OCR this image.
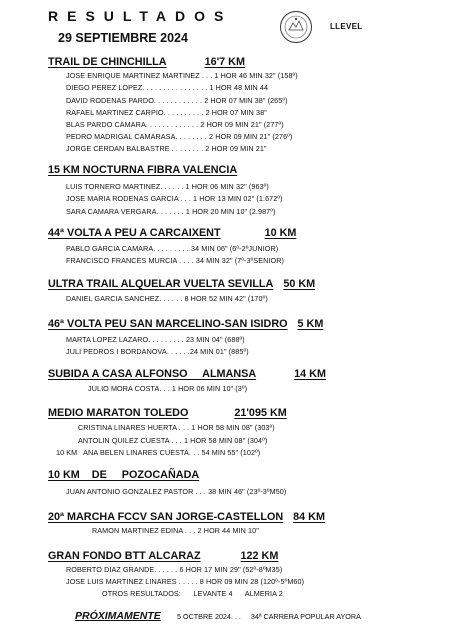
RESULTADOS
29 SEPTIEMBRE 2024
LLEVEL
TRAIL DE CHINCHILLA	16'7 KM
JOSE ENRIQUE MARTINEZ MARTINEZ . . . 1 HOR 46 MIN 32" (158º)
DIEGO PEREZ LOPEZ. . . . . . . . . . . . . . . . 1 HOR 48 MIN 44
DAVID RODENAS PARDO. . . . . . . . . . . . 2 HOR 07 MIN 38" (265º)
RAFAEL MARTINEZ CARPIO. . . . . . . . . . 2 HOR 07 MIN 38"
BLAS PARDO CAMARA. . . . . . . . . . . . . 2 HOR 09 MIN 21" (277º)
PEDRO MADRIGAL CAMARASA. . . . . . . . 2 HOR 09 MIN 21" (276º)
JORGE CERDAN BALBASTRE . . . . . . . . 2 HOR 09 MIN 21"
15 KM NOCTURNA FIBRA VALENCIA
LUIS TORNERO MARTINEZ. . . . . . 1 HOR 06 MIN 32" (963º)
JOSE MARIA RODENAS GARCIA . . . 1 HOR 13 MIN 02" (1.672º)
SARA CAMARA VERGARA. . . . . . . 1 HOR 20 MIN 10" (2.987º)
44ª VOLTA A PEU A CARCAIXENT	10 KM
PABLO GARCIA CAMARA. . . . . . . . . 34 MIN 06" (6º-2ºJUNIOR)
FRANCISCO FRANCES MURCIA . . . . 34 MIN 32" (7º-3ºSENIOR)
ULTRA TRAIL ALQUELAR VUELTA SEVILLA 50 KM
DANIEL GARCIA SANCHEZ. . . . . . 8 HOR 52 MIN 42" (170º)
46ª VOLTA PEU SAN MARCELINO-SAN ISIDRO 5 KM
MARTA LOPEZ LAZARO. . . . . . . . . 23 MIN 04" (688º)
JULI PEDROS I BORDANOVA. . . . . .24 MIN 01" (885º)
SUBIDA A CASA ALFONSO     ALMANSA	14 KM
JULIO MORA COSTA. . . 1 HOR 06 MIN 10" (3º)
MEDIO MARATON TOLEDO	21'095 KM
CRISTINA LINARES HUERTA . . . 1 HOR 58 MIN 08" (303º)
ANTOLIN QUILEZ CUESTA . . . 1 HOR 58 MIN 08" (304º)
10 KM   ANA BELEN LINARES CUESTA. . . 54 MIN 55" (102º)
10 KM    DE     POZOCAÑADA
JUAN ANTONIO GONZALEZ PASTOR . . . 38 MIN 46" (23º-3ºM50)
20ª MARCHA FCCV SAN JORGE-CASTELLON 84 KM
RAMON MARTINEZ EDINA . . . 2 HOR 44 MIN 10"
GRAN FONDO BTT ALCARAZ	122 KM
ROBERTO DIAZ GRANDE. . . . . . 6 HOR 17 MIN 29" (52º-8ºM35)
JOSE LUIS MARTINEZ LINARES . . . . . 8 HOR 09 MIN 28 (120º-5ºM60)
OTROS RESULTADOS:      LEVANTE 4      ALMERIA 2
PRÓXIMAMENTE 5 OCTBRE 2024. . .     34ª CARRERA POPULAR AYORA
